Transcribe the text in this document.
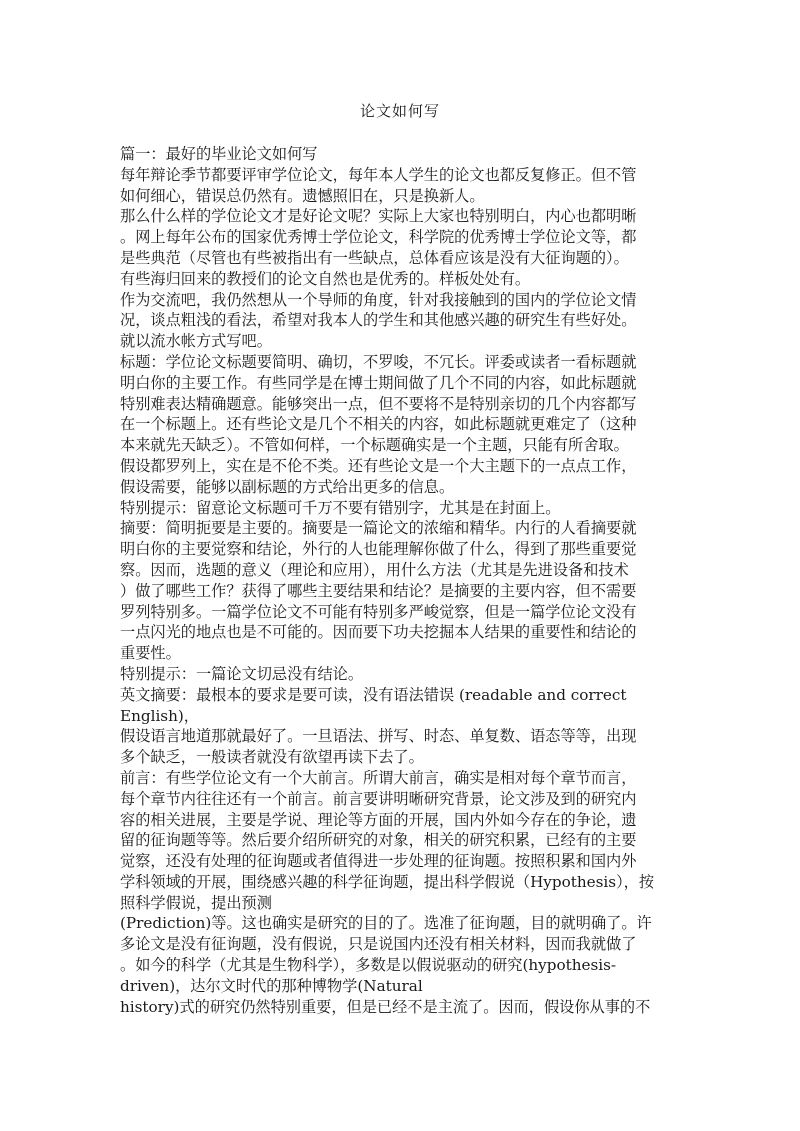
论文如何写
篇一：最好的毕业论文如何写
每年辩论季节都要评审学位论文，每年本人学生的论文也都反复修正。但不管
如何细心，错误总仍然有。遗憾照旧在，只是换新人。
那么什么样的学位论文才是好论文呢？实际上大家也特别明白，内心也都明晰
。网上每年公布的国家优秀博士学位论文，科学院的优秀博士学位论文等，都
是些典范（尽管也有些被指出有一些缺点，总体看应该是没有大征询题的）。
有些海归回来的教授们的论文自然也是优秀的。样板处处有。
作为交流吧，我仍然想从一个导师的角度，针对我接触到的国内的学位论文情
况，谈点粗浅的看法，希望对我本人的学生和其他感兴趣的研究生有些好处。
就以流水帐方式写吧。
标题：学位论文标题要简明、确切，不罗唆，不冗长。评委或读者一看标题就
明白你的主要工作。有些同学是在博士期间做了几个不同的内容，如此标题就
特别难表达精确题意。能够突出一点，但不要将不是特别亲切的几个内容都写
在一个标题上。还有些论文是几个不相关的内容，如此标题就更难定了（这种
本来就先天缺乏）。不管如何样，一个标题确实是一个主题，只能有所舍取。
假设都罗列上，实在是不伦不类。还有些论文是一个大主题下的一点点工作，
假设需要，能够以副标题的方式给出更多的信息。
特别提示：留意论文标题可千万不要有错别字，尤其是在封面上。
摘要：简明扼要是主要的。摘要是一篇论文的浓缩和精华。内行的人看摘要就
明白你的主要觉察和结论，外行的人也能理解你做了什么，得到了那些重要觉
察。因而，选题的意义（理论和应用），用什么方法（尤其是先进设备和技术
）做了哪些工作？获得了哪些主要结果和结论？是摘要的主要内容，但不需要
罗列特别多。一篇学位论文不可能有特别多严峻觉察，但是一篇学位论文没有
一点闪光的地点也是不可能的。因而要下功夫挖掘本人结果的重要性和结论的
重要性。
特别提示：一篇论文切忌没有结论。
英文摘要：最根本的要求是要可读，没有语法错误 (readable and correct
English)，
假设语言地道那就最好了。一旦语法、拼写、时态、单复数、语态等等，出现
多个缺乏，一般读者就没有欲望再读下去了。
前言：有些学位论文有一个大前言。所谓大前言，确实是相对每个章节而言，
每个章节内往往还有一个前言。前言要讲明晰研究背景，论文涉及到的研究内
容的相关进展，主要是学说、理论等方面的开展，国内外如今存在的争论，遗
留的征询题等等。然后要介绍所研究的对象，相关的研究积累，已经有的主要
觉察，还没有处理的征询题或者值得进一步处理的征询题。按照积累和国内外
学科领域的开展，围绕感兴趣的科学征询题，提出科学假说（Hypothesis），按
照科学假说，提出预测
(Prediction)等。这也确实是研究的目的了。选准了征询题，目的就明确了。许
多论文是没有征询题，没有假说，只是说国内还没有相关材料，因而我就做了
。如今的科学（尤其是生物科学），多数是以假说驱动的研究(hypothesis-
driven)，达尔文时代的那种博物学(Natural
history)式的研究仍然特别重要，但是已经不是主流了。因而，假设你从事的不
